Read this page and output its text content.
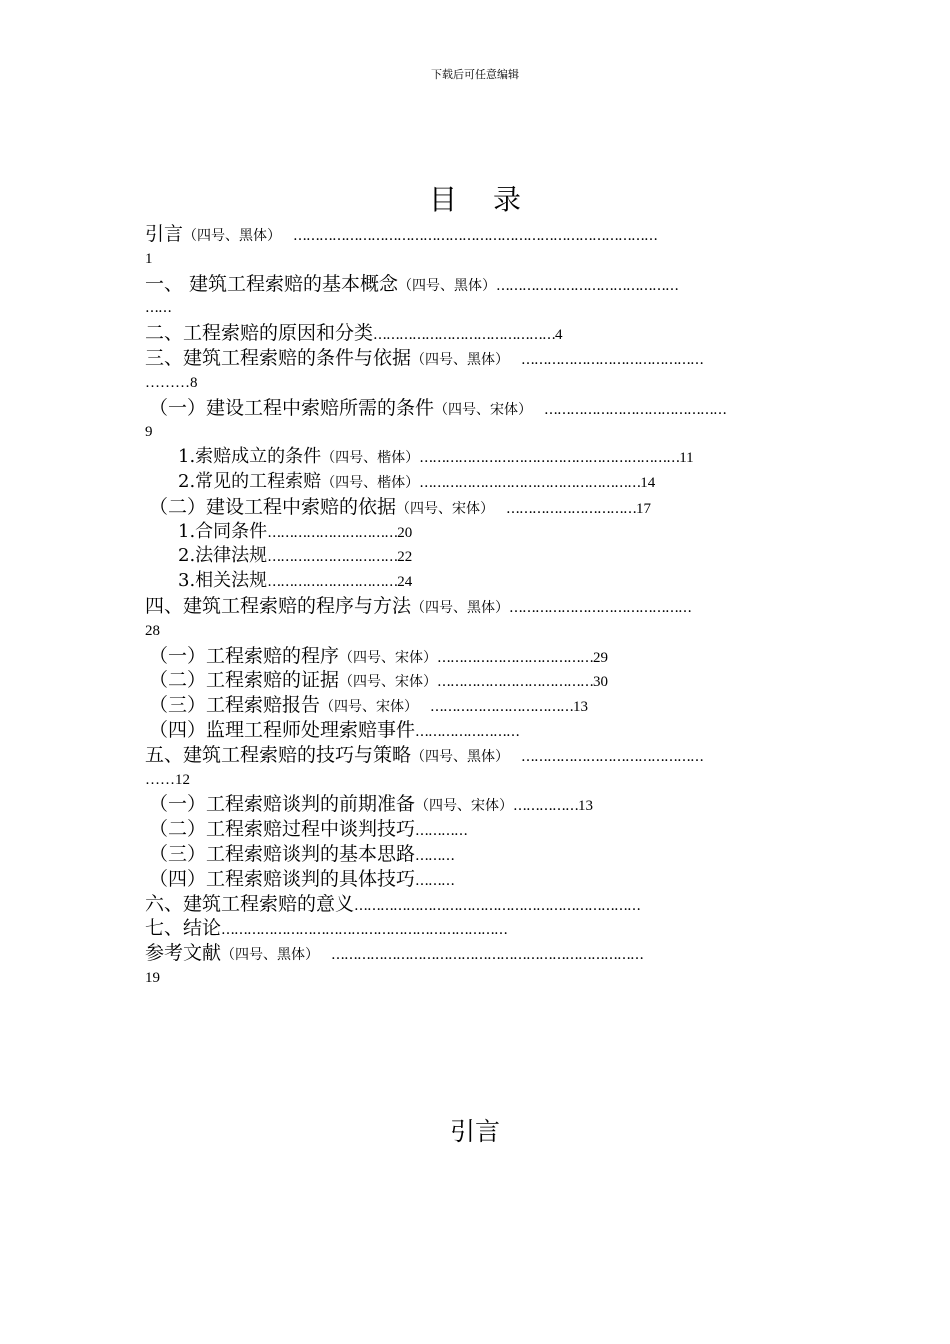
下载后可任意编辑
目录
引言（四号、黑体） …………………………………………………………………………
1
一、 建筑工程索赔的基本概念（四号、黑体）……………………………………
……
二、工程索赔的原因和分类……………………………………4
三、建筑工程索赔的条件与依据（四号、黑体） ……………………………………
………8
（一）建设工程中索赔所需的条件（四号、宋体） ……………………………………
9
1.索赔成立的条件（四号、楷体）……………………………………………………11
2.常见的工程索赔（四号、楷体）……………………………………………14
（二）建设工程中索赔的依据（四号、宋体） …………………………17
1.合同条件…………………………20
2.法律法规…………………………22
3.相关法规…………………………24
四、建筑工程索赔的程序与方法（四号、黑体）……………………………………
28
（一）工程索赔的程序（四号、宋体）………………………………29
（二）工程索赔的证据（四号、宋体）………………………………30
（三）工程索赔报告（四号、宋体） ……………………………13
（四）监理工程师处理索赔事件……………………
五、建筑工程索赔的技巧与策略（四号、黑体） ……………………………………
……12
（一）工程索赔谈判的前期准备（四号、宋体）……………13
（二）工程索赔过程中谈判技巧…………
（三）工程索赔谈判的基本思路………
（四）工程索赔谈判的具体技巧………
六、建筑工程索赔的意义…………………………………………………………
七、结论…………………………………………………………
参考文献（四号、黑体） ………………………………………………………………
19
引言
